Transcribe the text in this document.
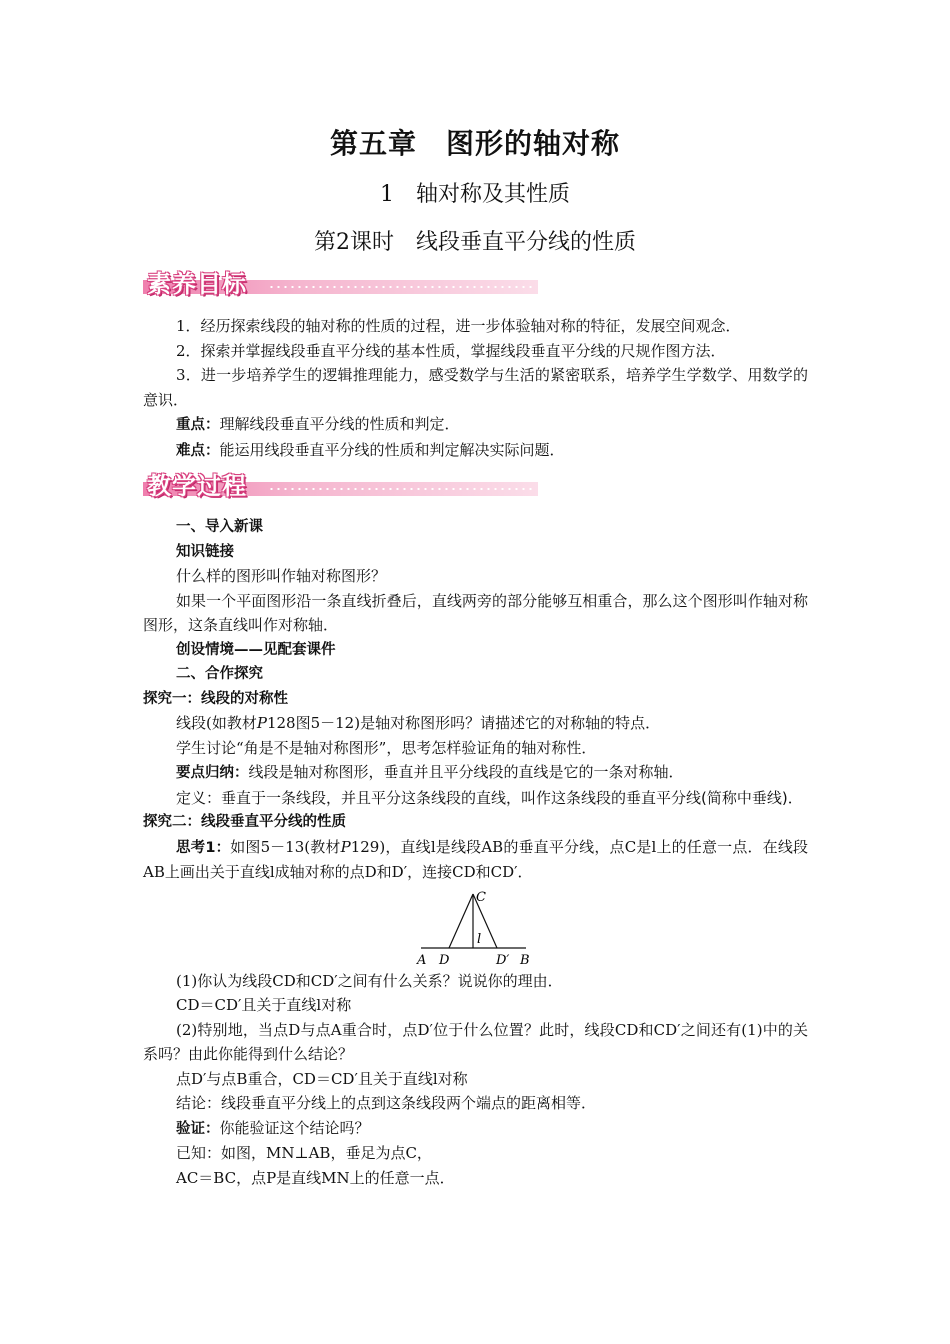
第五章　图形的轴对称
1　轴对称及其性质
第2课时　线段垂直平分线的性质
素养目标

1．经历探索线段的轴对称的性质的过程，进一步体验轴对称的特征，发展空间观念．

2．探索并掌握线段垂直平分线的基本性质，掌握线段垂直平分线的尺规作图方法．

3．进一步培养学生的逻辑推理能力，感受数学与生活的紧密联系，培养学生学数学、用数学的意识．

重点：理解线段垂直平分线的性质和判定．

难点：能运用线段垂直平分线的性质和判定解决实际问题．

教学过程

一、导入新课

知识链接

什么样的图形叫作轴对称图形？

如果一个平面图形沿一条直线折叠后，直线两旁的部分能够互相重合，那么这个图形叫作轴对称图形，这条直线叫作对称轴．

创设情境——见配套课件

二、合作探究

探究一：线段的对称性

线段(如教材P128图5－12)是轴对称图形吗？请描述它的对称轴的特点．

学生讨论“角是不是轴对称图形”，思考怎样验证角的轴对称性．

要点归纳：线段是轴对称图形，垂直并且平分线段的直线是它的一条对称轴．

定义：垂直于一条线段，并且平分这条线段的直线，叫作这条线段的垂直平分线(简称中垂线)．

探究二：线段垂直平分线的性质

思考1：如图5－13(教材P129)，直线l是线段AB的垂直平分线，点C是l上的任意一点．在线段AB上画出关于直线l成轴对称的点D和D′，连接CD和CD′．

C
A D
l
D′ B

(1)你认为线段CD和CD′之间有什么关系？说说你的理由．

CD＝CD′且关于直线l对称

(2)特别地，当点D与点A重合时，点D′位于什么位置？此时，线段CD和CD′之间还有(1)中的关系吗？由此你能得到什么结论？

点D′与点B重合，CD＝CD′且关于直线l对称

结论：线段垂直平分线上的点到这条线段两个端点的距离相等．

验证：你能验证这个结论吗？

已知：如图，MN⊥AB，垂足为点C，

AC＝BC，点P是直线MN上的任意一点．
